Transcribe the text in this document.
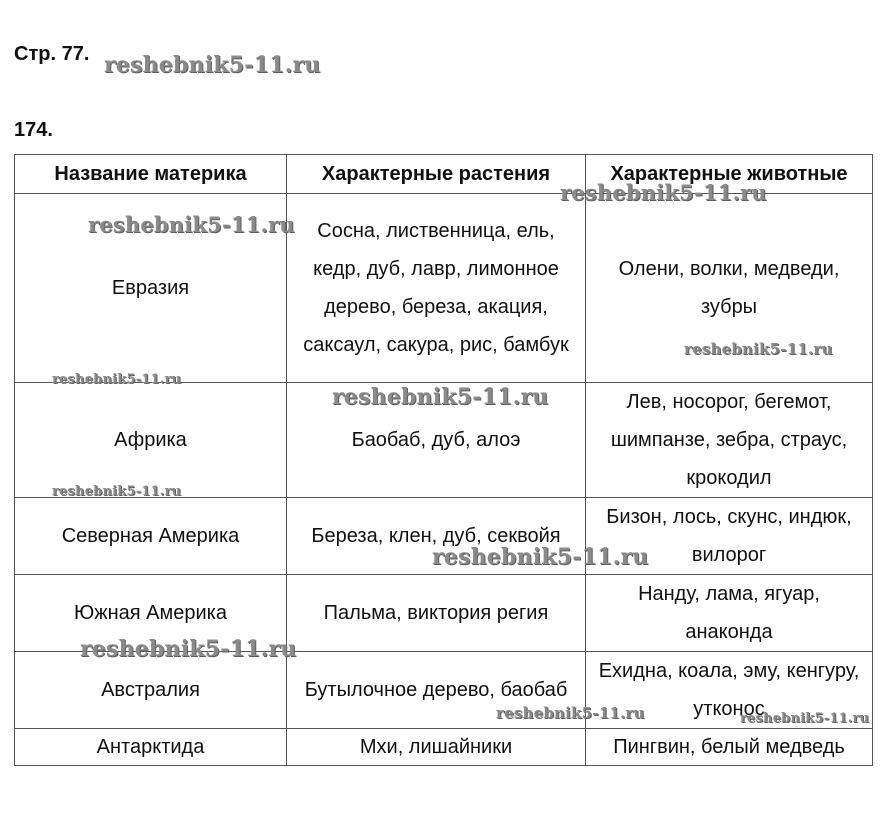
Стр. 77.
174.
Название материка	Характерные растения	Характерные животные
Евразия	Сосна, лиственница, ель, кедр, дуб, лавр, лимонное дерево, береза, акация, саксаул, сакура, рис, бамбук	Олени, волки, медведи, зубры
Африка	Баобаб, дуб, алоэ	Лев, носорог, бегемот, шимпанзе, зебра, страус, крокодил
Северная Америка	Береза, клен, дуб, секвойя	Бизон, лось, скунс, индюк, вилорог
Южная Америка	Пальма, виктория регия	Нанду, лама, ягуар, анаконда
Австралия	Бутылочное дерево, баобаб	Ехидна, коала, эму, кенгуру, утконос
Антарктида	Мхи, лишайники	Пингвин, белый медведь
reshebnik5-11.ru
reshebnik5-11.ru
reshebnik5-11.ru
reshebnik5-11.ru
reshebnik5-11.ru
reshebnik5-11.ru
reshebnik5-11.ru
reshebnik5-11.ru
reshebnik5-11.ru
reshebnik5-11.ru	reshebnik5-11.ru
